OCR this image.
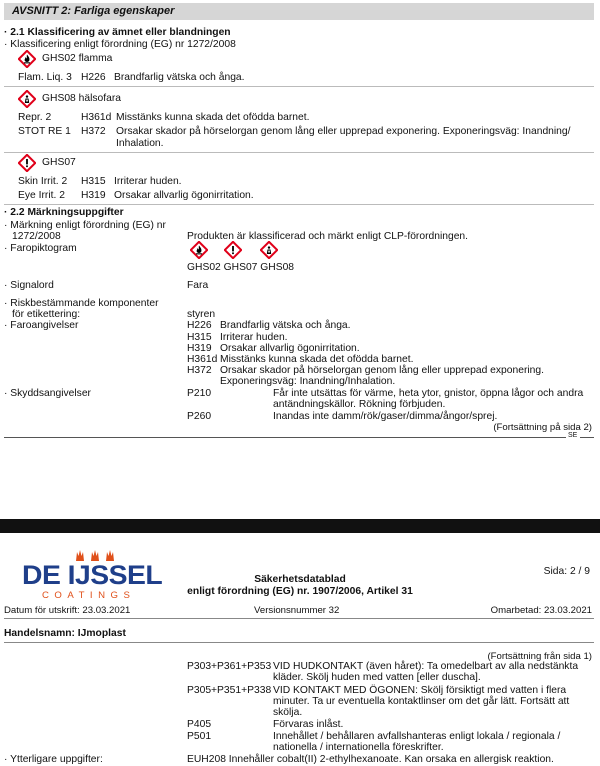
AVSNITT 2: Farliga egenskaper
· 2.1 Klassificering av ämnet eller blandningen
· Klassificering enligt förordning (EG) nr 1272/2008
GHS02 flamma
Flam. Liq. 3 H226 Brandfarlig vätska och ånga.
GHS08 hälsofara
Repr. 2	H361d Misstänks kunna skada det ofödda barnet.
STOT RE 1 H372 Orsakar skador på hörselorgan genom lång eller upprepad exponering. Exponeringsväg: Inandning/
Inhalation.
GHS07
Skin Irrit. 2 H315 Irriterar huden.
Eye Irrit. 2 H319 Orsakar allvarlig ögonirritation.
· 2.2 Märkningsuppgifter
· Märkning enligt förordning (EG) nr
1272/2008	Produkten är klassificerad och märkt enligt CLP-förordningen.
· Faropiktogram
GHS02 GHS07 GHS08
· Signalord	Fara
· Riskbestämmande komponenter
för etikettering:	styren
· Faroangivelser	H226 Brandfarlig vätska och ånga.
H315 Irriterar huden.
H319 Orsakar allvarlig ögonirritation.
H361d Misstänks kunna skada det ofödda barnet.
H372 Orsakar skador på hörselorgan genom lång eller upprepad exponering.
Exponeringsväg: Inandning/Inhalation.
· Skyddsangivelser	P210	Får inte utsättas för värme, heta ytor, gnistor, öppna lågor och andra
antändningskällor. Rökning förbjuden.
P260	Inandas inte damm/rök/gaser/dimma/ångor/sprej.
(Fortsättning på sida 2)
SE
DE IJSSEL
COATINGS
Säkerhetsdatablad
enligt förordning (EG) nr. 1907/2006, Artikel 31
Sida: 2 / 9
Datum för utskrift: 23.03.2021	Versionsnummer 32	Omarbetad: 23.03.2021
Handelsnamn: IJmoplast
(Fortsättning från sida 1)
P303+P361+P353 VID HUDKONTAKT (även håret): Ta omedelbart av alla nedstänkta
kläder. Skölj huden med vatten [eller duscha].
P305+P351+P338 VID KONTAKT MED ÖGONEN: Skölj försiktigt med vatten i flera
minuter. Ta ur eventuella kontaktlinser om det går lätt. Fortsätt att
skölja.
P405	Förvaras inlåst.
P501	Innehållet / behållaren avfallshanteras enligt lokala / regionala /
nationella / internationella föreskrifter.
· Ytterligare uppgifter:	EUH208 Innehåller cobalt(II) 2-ethylhexanoate. Kan orsaka en allergisk reaktion.
